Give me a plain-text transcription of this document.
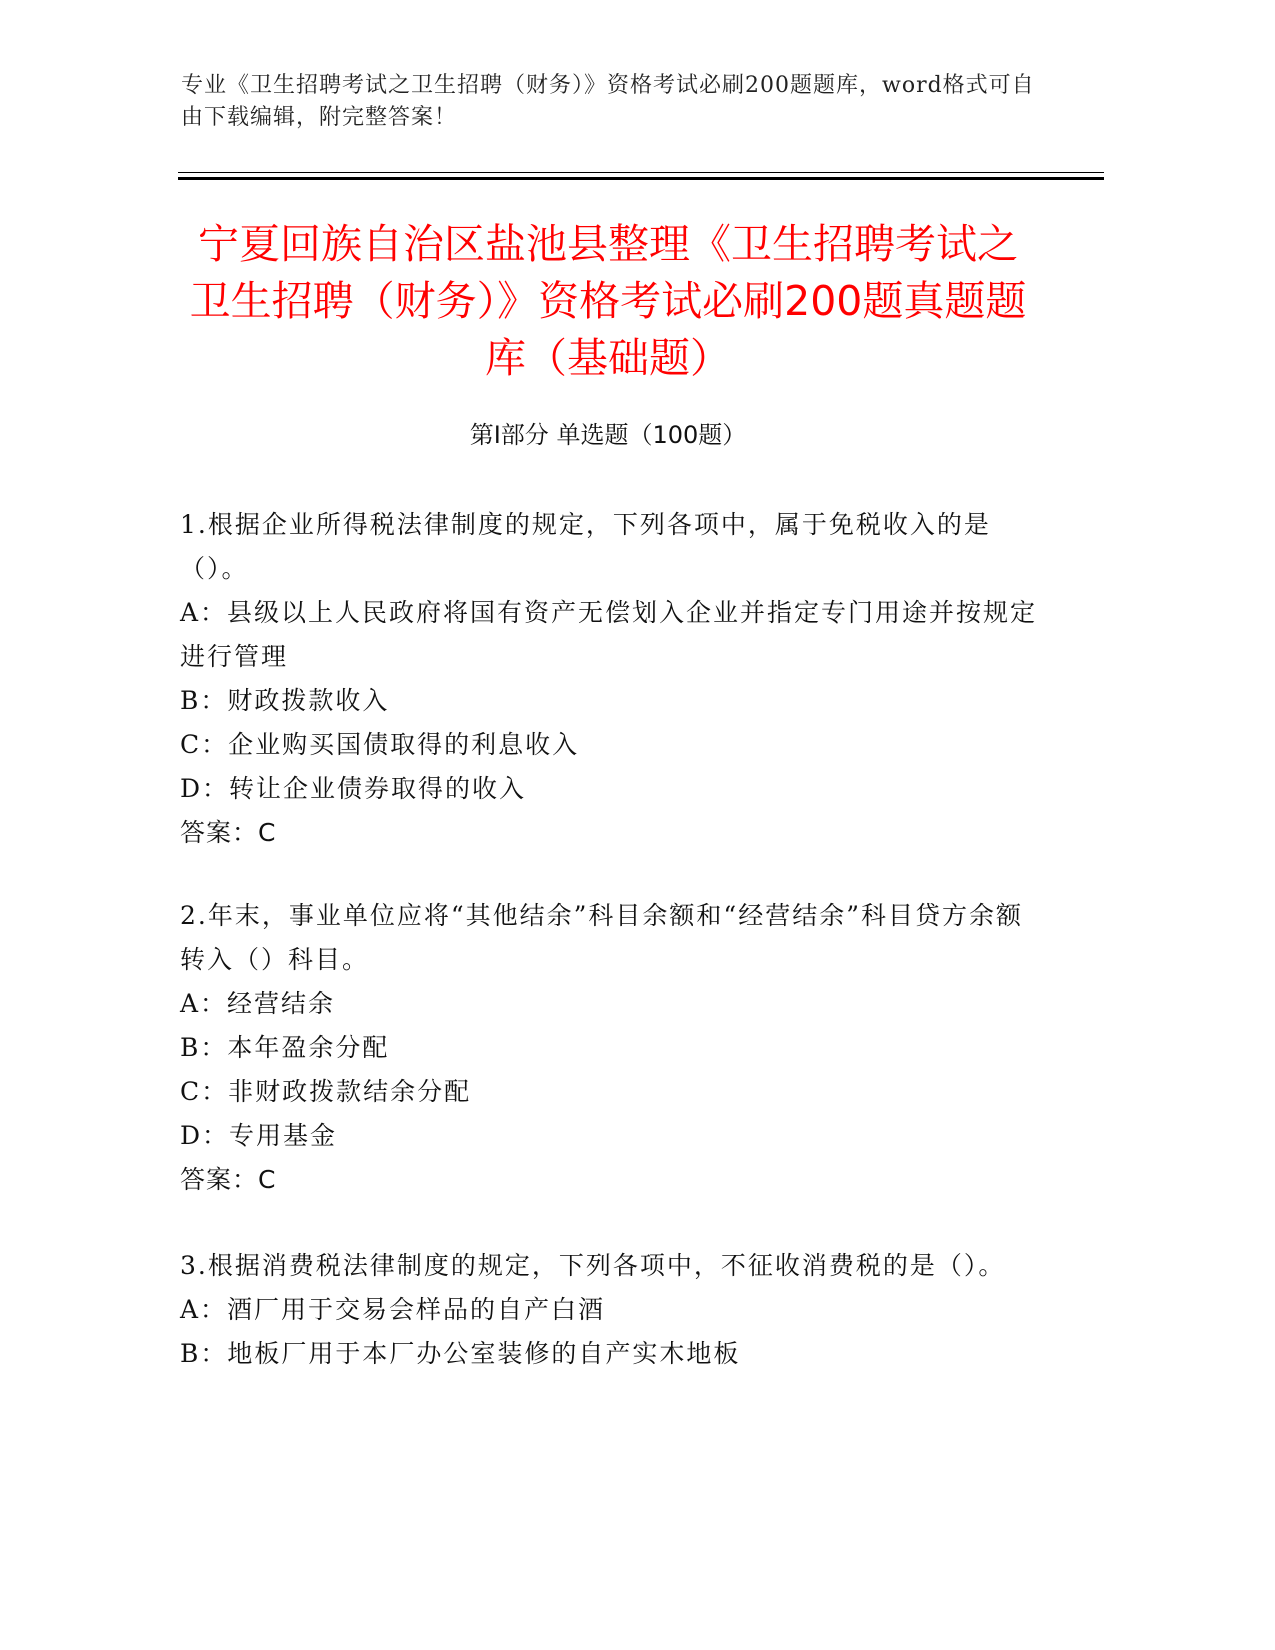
专业《卫生招聘考试之卫生招聘（财务）》资格考试必刷200题题库，word格式可自由下载编辑，附完整答案！
宁夏回族自治区盐池县整理《卫生招聘考试之卫生招聘（财务）》资格考试必刷200题真题题库（基础题）
第I部分 单选题（100题）

1.根据企业所得税法律制度的规定，下列各项中，属于免税收入的是（）。

A：县级以上人民政府将国有资产无偿划入企业并指定专门用途并按规定进行管理

B：财政拨款收入

C：企业购买国债取得的利息收入

D：转让企业债券取得的收入

答案：C

2.年末，事业单位应将“其他结余”科目余额和“经营结余”科目贷方余额转入（）科目。

A：经营结余

B：本年盈余分配

C：非财政拨款结余分配

D：专用基金

答案：C

3.根据消费税法律制度的规定，下列各项中，不征收消费税的是（）。

A：酒厂用于交易会样品的自产白酒

B：地板厂用于本厂办公室装修的自产实木地板
